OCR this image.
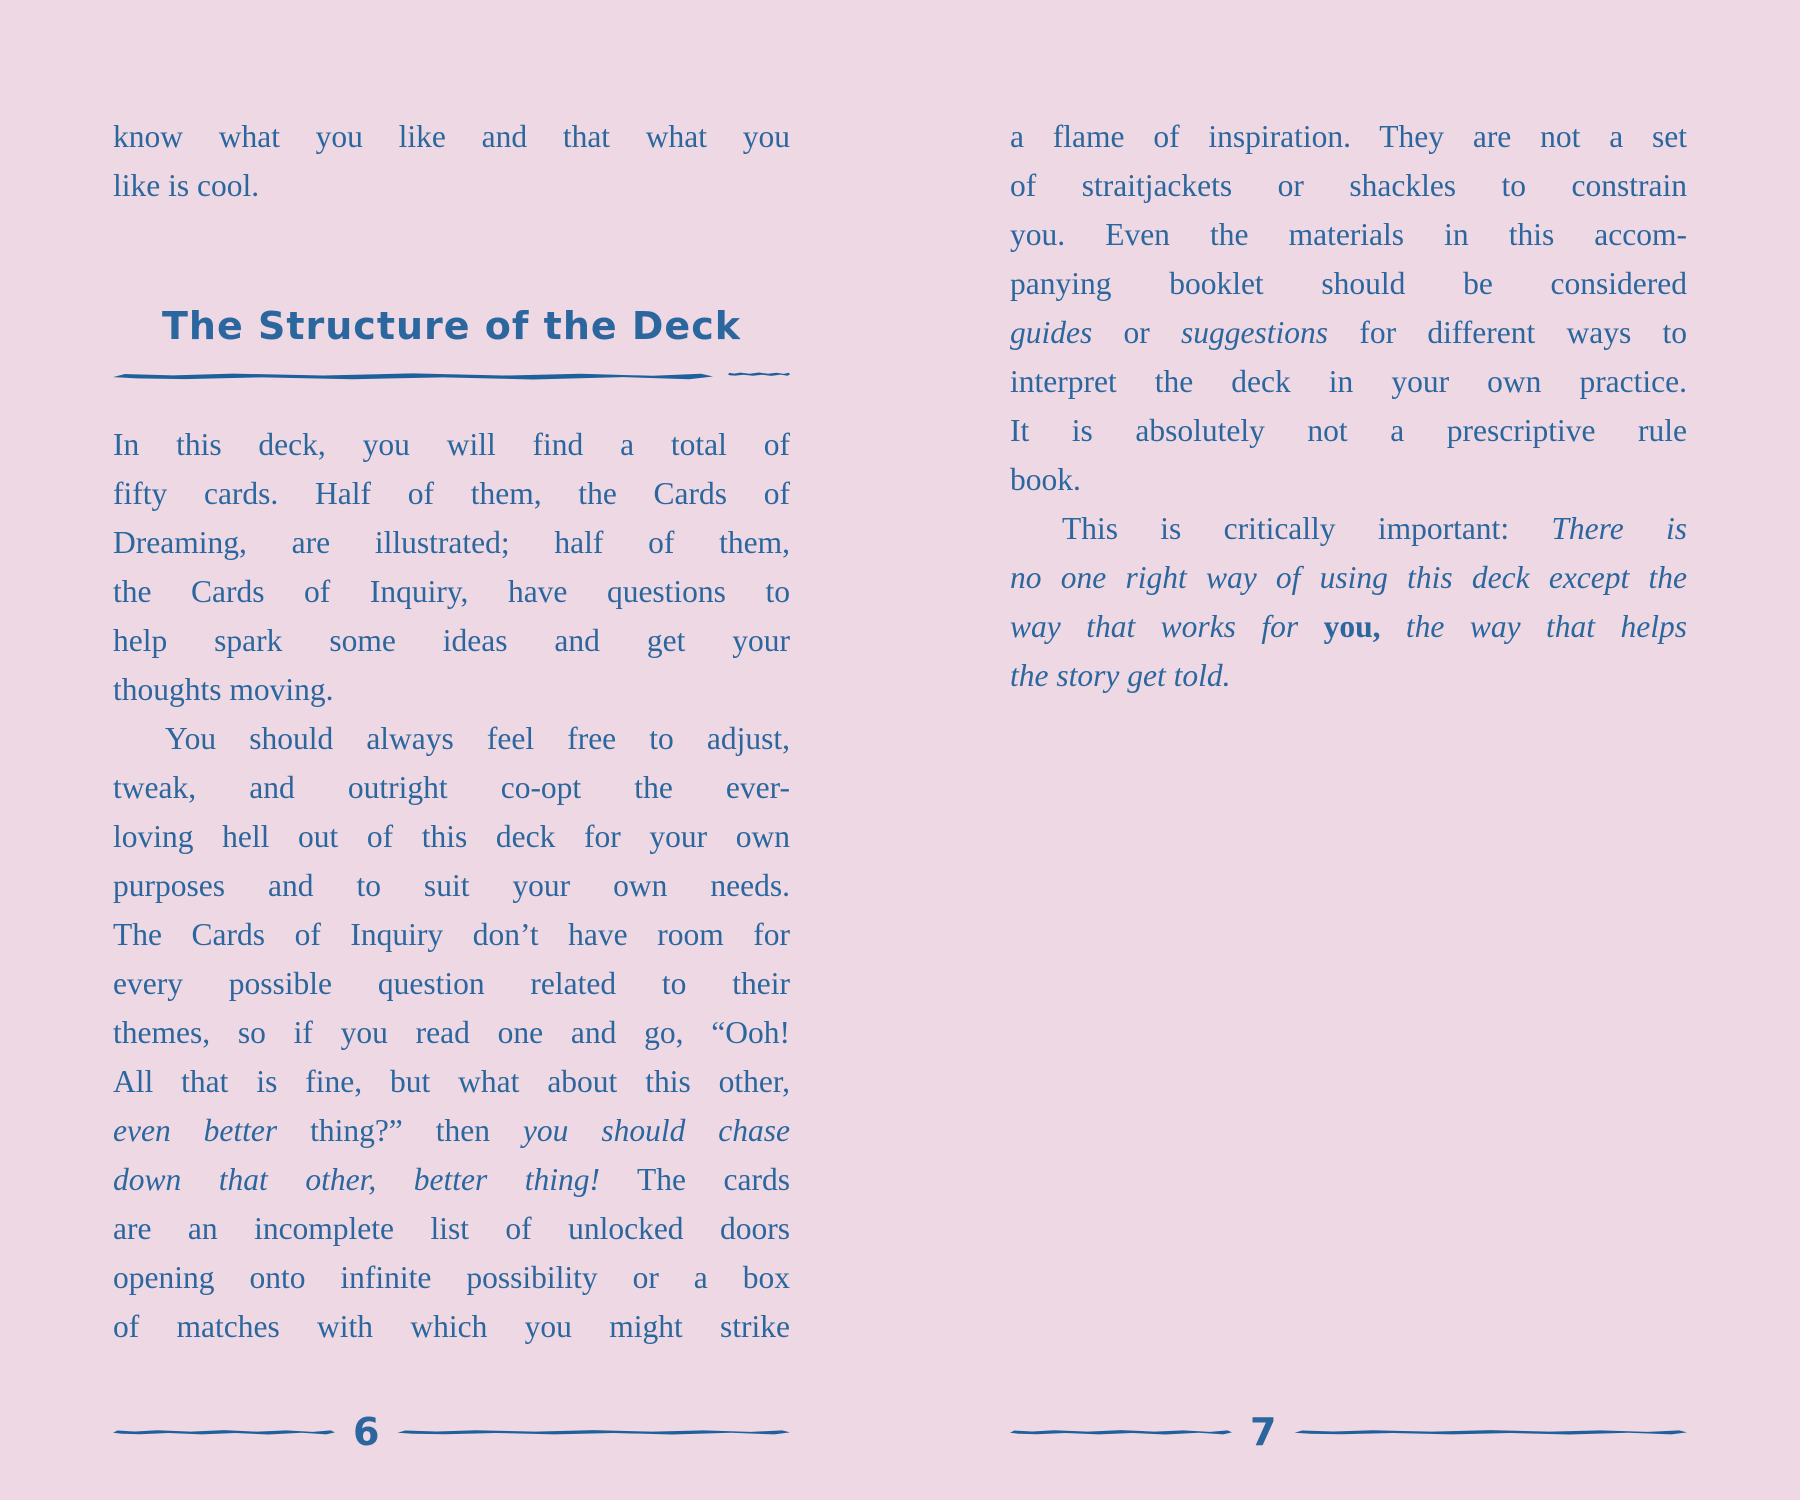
know what you like and that what you
like is cool.
The Structure of the Deck
In this deck, you will find a total of
fifty cards. Half of them, the Cards of
Dreaming, are illustrated; half of them,
the Cards of Inquiry, have questions to
help spark some ideas and get your
thoughts moving.
You should always feel free to adjust,
tweak, and outright co-opt the ever-
loving hell out of this deck for your own
purposes and to suit your own needs.
The Cards of Inquiry don’t have room for
every possible question related to their
themes, so if you read one and go, “Ooh!
All that is fine, but what about this other,
even better thing?” then you should chase
down that other, better thing! The cards
are an incomplete list of unlocked doors
opening onto infinite possibility or a box
of matches with which you might strike
6
a flame of inspiration. They are not a set
of straitjackets or shackles to constrain
you. Even the materials in this accom-
panying booklet should be considered
guides or suggestions for different ways to
interpret the deck in your own practice.
It is absolutely not a prescriptive rule
book.
This is critically important: There is
no one right way of using this deck except the
way that works for you, the way that helps
the story get told.
7
